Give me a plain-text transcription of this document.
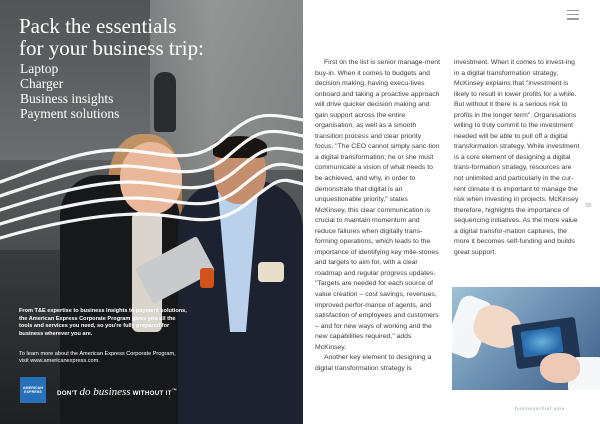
Pack the essentials
for your business trip:
Laptop
Charger
Business insights
Payment solutions

From T&E expertise to business insights to payment solutions, the American Express Corporate Program gives you all the tools and services you need, so you're fully prepared for business wherever you are.

To learn more about the American Express Corporate Program, visit www.americanexpress.com.

AMERICAN
EXPRESS DON'T do business WITHOUT IT™

First on the list is senior manage-ment buy-in. When it comes to budgets and decision making, having execu-tives onboard and taking a proactive approach will drive quicker decision making and gain support across the entire organisation, as well as a smooth transition process and clear priority focus. "The CEO cannot simply sanc-tion a digital transformation; he or she must communicate a vision of what needs to be achieved, and why, in order to demonstrate that digital is an unquestionable priority," states McKinsey, this clear communication is crucial to maintain momentum and reduce failures when digitally trans-forming operations, which leads to the importance of identifying key mile-stones and targets to aim for, with a clear roadmap and regular progress updates. "Targets are needed for each source of value creation – cost savings, revenues, improved perfor-mance of agents, and satisfaction of employees and customers – and for new ways of working and the new capabilities required," adds McKinsey.

Another key element to designing a digital transformation strategy is

investment. When it comes to invest-ing in a digital transformation strategy, McKinsey explains that "investment is likely to result in lower profits for a while. But without it there is a serious risk to profits in the longer term". Organisations willing to truly commit to the investment needed will be able to pull off a digital transformation strategy. While investment is a core element of designing a digital trans-formation strategy, resources are not unlimited and particularly in the cur-rent climate it is important to manage the risk when investing in projects. McKinsey therefore, highlights the importance of sequencing initiatives. As the more value a digital transfor-mation captures, the more it becomes self-funding and builds great support.

55
businesschief.asia
